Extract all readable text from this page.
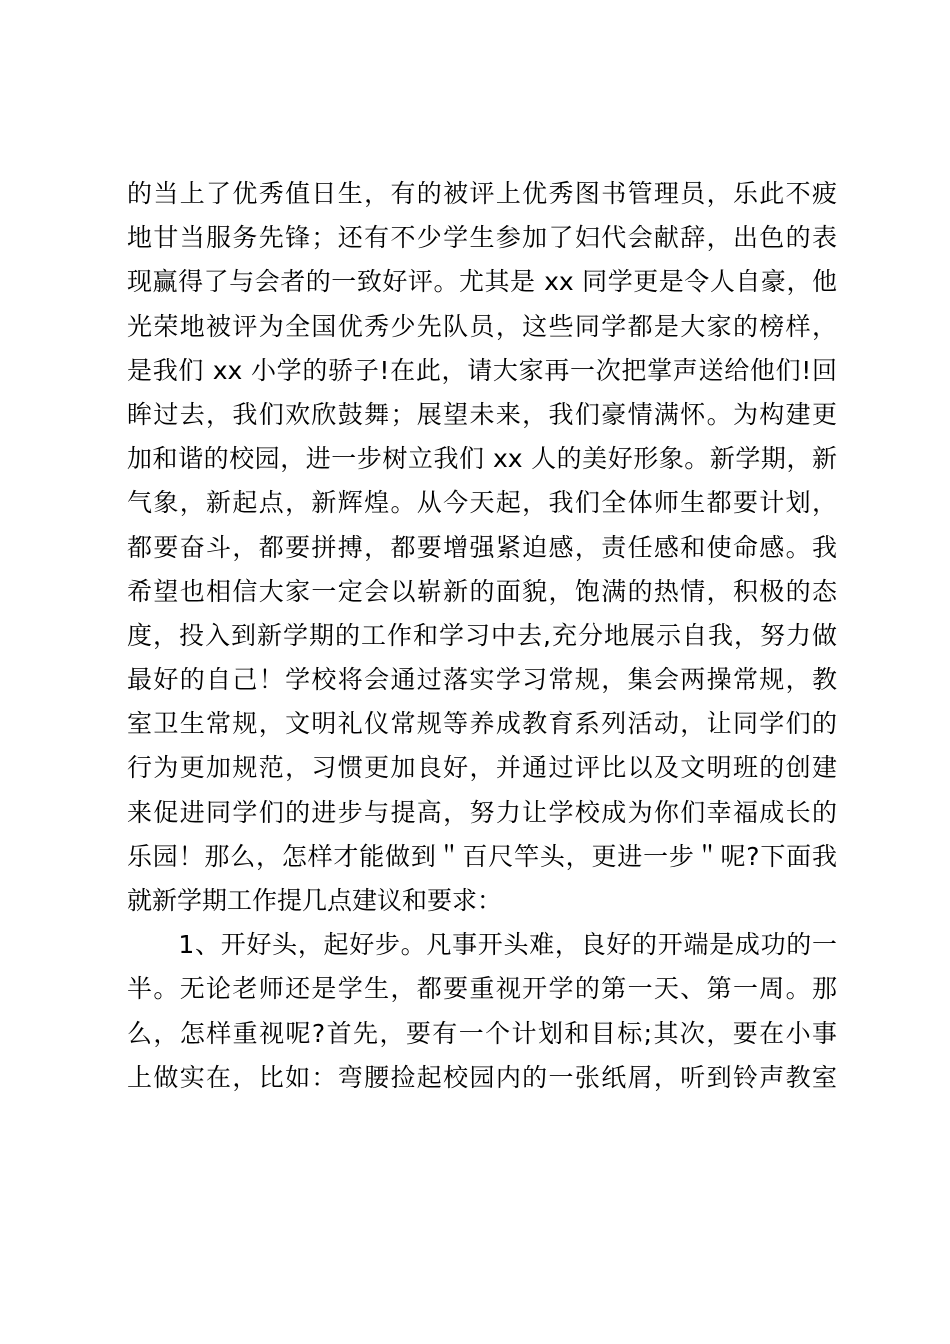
的当上了优秀值日生，有的被评上优秀图书管理员，乐此不疲
地甘当服务先锋；还有不少学生参加了妇代会献辞，出色的表
现赢得了与会者的一致好评。尤其是 xx 同学更是令人自豪，他
光荣地被评为全国优秀少先队员，这些同学都是大家的榜样，
是我们 xx 小学的骄子!在此，请大家再一次把掌声送给他们!回
眸过去，我们欢欣鼓舞；展望未来，我们豪情满怀。为构建更
加和谐的校园，进一步树立我们 xx 人的美好形象。新学期，新
气象，新起点，新辉煌。从今天起，我们全体师生都要计划，
都要奋斗，都要拼搏，都要增强紧迫感，责任感和使命感。我
希望也相信大家一定会以崭新的面貌，饱满的热情，积极的态
度，投入到新学期的工作和学习中去,充分地展示自我，努力做
最好的自己！学校将会通过落实学习常规，集会两操常规，教
室卫生常规，文明礼仪常规等养成教育系列活动，让同学们的
行为更加规范，习惯更加良好，并通过评比以及文明班的创建
来促进同学们的进步与提高，努力让学校成为你们幸福成长的
乐园！那么，怎样才能做到＂百尺竿头，更进一步＂呢?下面我
就新学期工作提几点建议和要求：
　　1、开好头，起好步。凡事开头难，良好的开端是成功的一
半。无论老师还是学生，都要重视开学的第一天、第一周。那
么，怎样重视呢?首先，要有一个计划和目标;其次，要在小事
上做实在，比如：弯腰捡起校园内的一张纸屑，听到铃声教室
